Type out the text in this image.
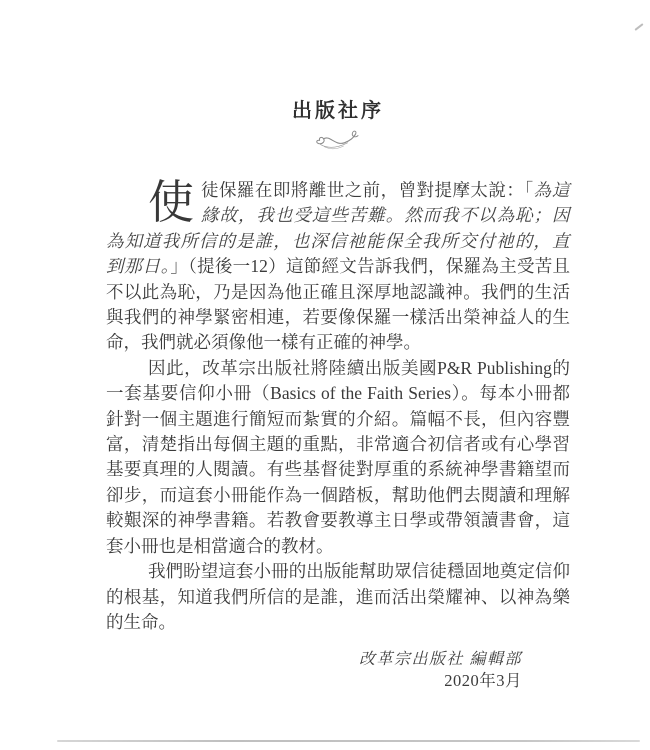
出版社序

使徒保羅在即將離世之前，曾對提摩太說：「為這緣故，我也受這些苦難。然而我不以為恥；因為知道我所信的是誰，也深信祂能保全我所交付祂的，直到那日。」（提後一12）這節經文告訴我們，保羅為主受苦且不以此為恥，乃是因為他正確且深厚地認識神。我們的生活與我們的神學緊密相連，若要像保羅一樣活出榮神益人的生命，我們就必須像他一樣有正確的神學。

因此，改革宗出版社將陸續出版美國P&R Publishing的一套基要信仰小冊（Basics of the Faith Series）。每本小冊都針對一個主題進行簡短而紮實的介紹。篇幅不長，但內容豐富，清楚指出每個主題的重點，非常適合初信者或有心學習基要真理的人閱讀。有些基督徒對厚重的系統神學書籍望而卻步，而這套小冊能作為一個踏板，幫助他們去閱讀和理解較艱深的神學書籍。若教會要教導主日學或帶領讀書會，這套小冊也是相當適合的教材。

我們盼望這套小冊的出版能幫助眾信徒穩固地奠定信仰的根基，知道我們所信的是誰，進而活出榮耀神、以神為樂的生命。

改革宗出版社 編輯部
2020年3月
